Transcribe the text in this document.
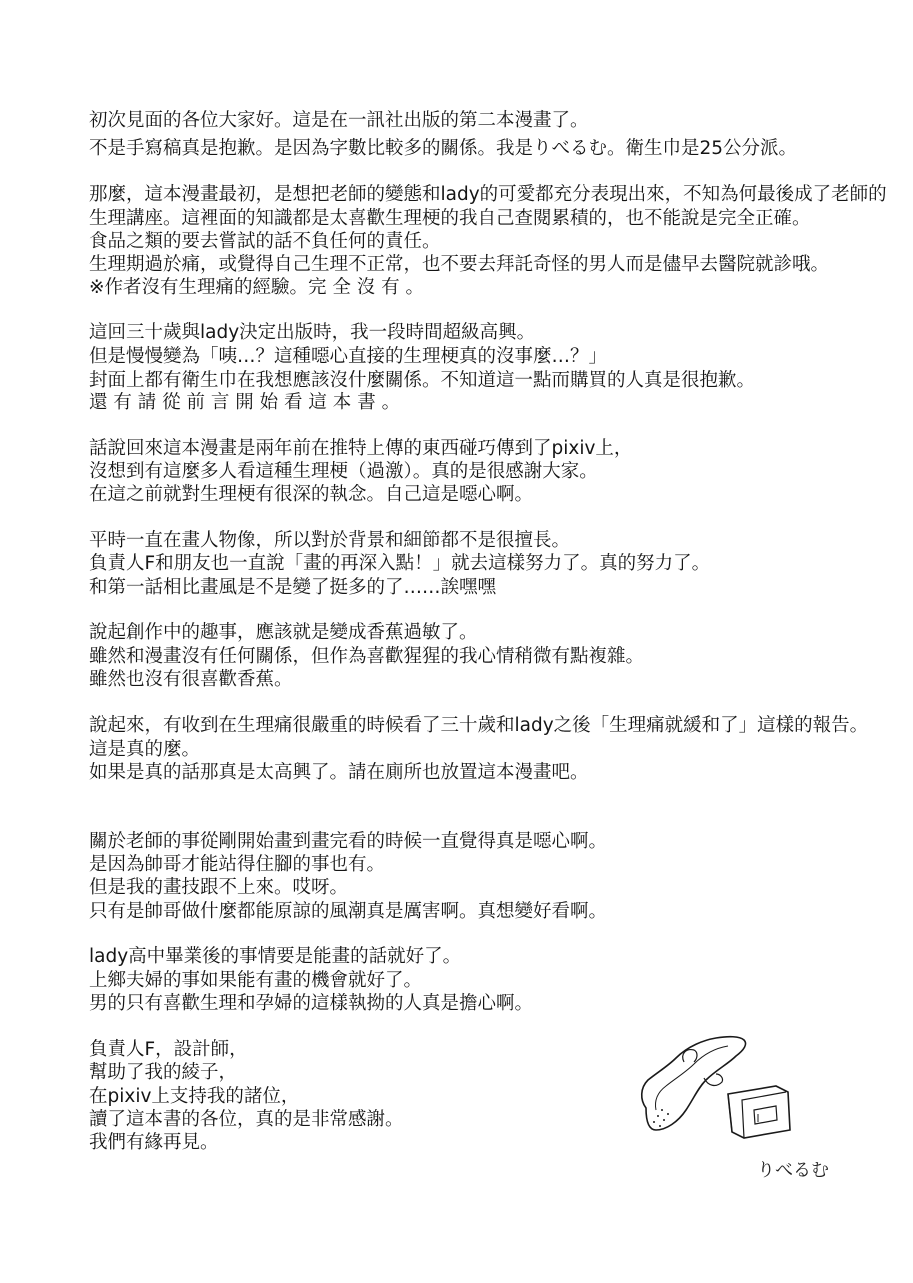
初次見面的各位大家好。這是在一訊社出版的第二本漫畫了。
不是手寫稿真是抱歉。是因為字數比較多的關係。我是りべるむ。衛生巾是25公分派。
那麼，這本漫畫最初，是想把老師的變態和lady的可愛都充分表現出來，不知為何最後成了老師的
生理講座。這裡面的知識都是太喜歡生理梗的我自己查閱累積的，也不能說是完全正確。
食品之類的要去嘗試的話不負任何的責任。
生理期過於痛，或覺得自己生理不正常，也不要去拜託奇怪的男人而是儘早去醫院就診哦。
※作者沒有生理痛的經驗。完 全 沒 有 。
這回三十歲與lady決定出版時，我一段時間超級高興。
但是慢慢變為「咦…？這種噁心直接的生理梗真的沒事麼…？」
封面上都有衛生巾在我想應該沒什麼關係。不知道這一點而購買的人真是很抱歉。
還 有 請 從 前 言 開 始 看 這 本 書 。
話說回來這本漫畫是兩年前在推特上傳的東西碰巧傳到了pixiv上，
沒想到有這麼多人看這種生理梗（過激）。真的是很感謝大家。
在這之前就對生理梗有很深的執念。自己這是噁心啊。
平時一直在畫人物像，所以對於背景和細節都不是很擅長。
負責人F和朋友也一直說「畫的再深入點！」就去這樣努力了。真的努力了。
和第一話相比畫風是不是變了挺多的了……誒嘿嘿
說起創作中的趣事，應該就是變成香蕉過敏了。
雖然和漫畫沒有任何關係，但作為喜歡猩猩的我心情稍微有點複雜。
雖然也沒有很喜歡香蕉。
說起來，有收到在生理痛很嚴重的時候看了三十歲和lady之後「生理痛就緩和了」這樣的報告。
這是真的麼。
如果是真的話那真是太高興了。請在廁所也放置這本漫畫吧。
關於老師的事從剛開始畫到畫完看的時候一直覺得真是噁心啊。
是因為帥哥才能站得住腳的事也有。
但是我的畫技跟不上來。哎呀。
只有是帥哥做什麼都能原諒的風潮真是厲害啊。真想變好看啊。
lady高中畢業後的事情要是能畫的話就好了。
上鄉夫婦的事如果能有畫的機會就好了。
男的只有喜歡生理和孕婦的這樣執拗的人真是擔心啊。
負責人F，設計師，
幫助了我的綾子，
在pixiv上支持我的諸位，
讀了這本書的各位，真的是非常感謝。
我們有緣再見。
りべるむ
